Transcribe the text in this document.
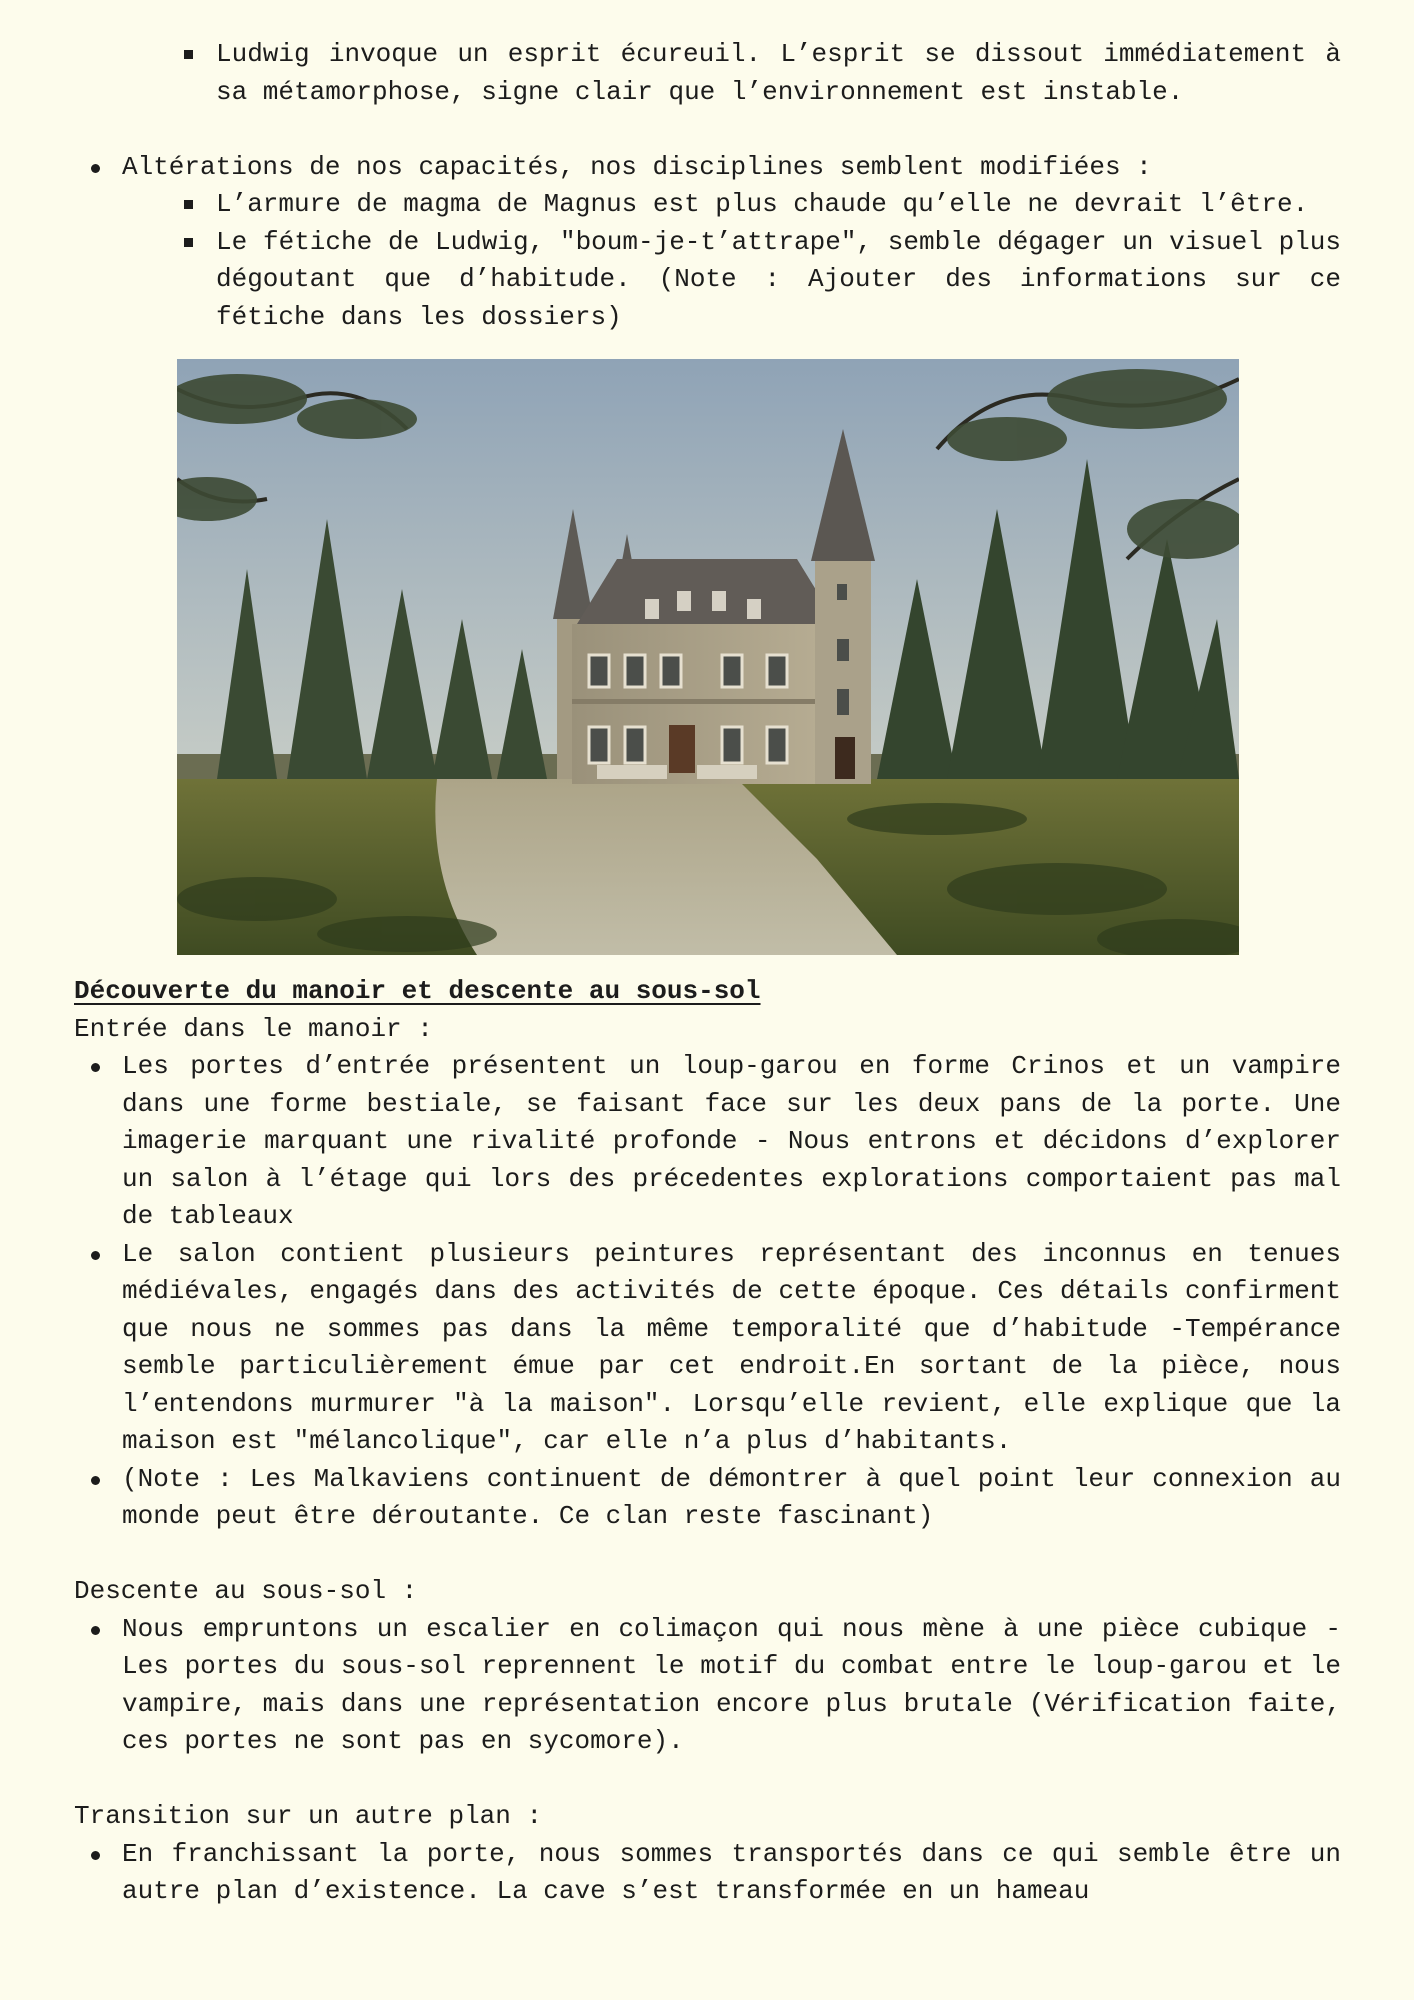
Ludwig invoque un esprit écureuil. L’esprit se dissout immédiatement à sa métamorphose, signe clair que l’environnement est instable.
Altérations de nos capacités, nos disciplines semblent modifiées :
L’armure de magma de Magnus est plus chaude qu’elle ne devrait l’être.
Le fétiche de Ludwig, "boum-je-t’attrape", semble dégager un visuel plus dégoutant que d’habitude. (Note : Ajouter des informations sur ce fétiche dans les dossiers)

Découverte du manoir et descente au sous-sol

Entrée dans le manoir :

Les portes d’entrée présentent un loup-garou en forme Crinos et un vampire dans une forme bestiale, se faisant face sur les deux pans de la porte. Une imagerie marquant une rivalité profonde - Nous entrons et décidons d’explorer un salon à l’étage qui lors des précedentes explorations comportaient pas mal de tableaux
Le salon contient plusieurs peintures représentant des inconnus en tenues médiévales, engagés dans des activités de cette époque. Ces détails confirment que nous ne sommes pas dans la même temporalité que d’habitude -Tempérance semble particulièrement émue par cet endroit.En sortant de la pièce, nous l’entendons murmurer "à la maison". Lorsqu’elle revient, elle explique que la maison est "mélancolique", car elle n’a plus d’habitants.
(Note : Les Malkaviens continuent de démontrer à quel point leur connexion au monde peut être déroutante. Ce clan reste fascinant)

Descente au sous-sol :

Nous empruntons un escalier en colimaçon qui nous mène à une pièce cubique - Les portes du sous-sol reprennent le motif du combat entre le loup-garou et le vampire, mais dans une représentation encore plus brutale (Vérification faite, ces portes ne sont pas en sycomore).

Transition sur un autre plan :

En franchissant la porte, nous sommes transportés dans ce qui semble être un autre plan d’existence. La cave s’est transformée en un hameau
